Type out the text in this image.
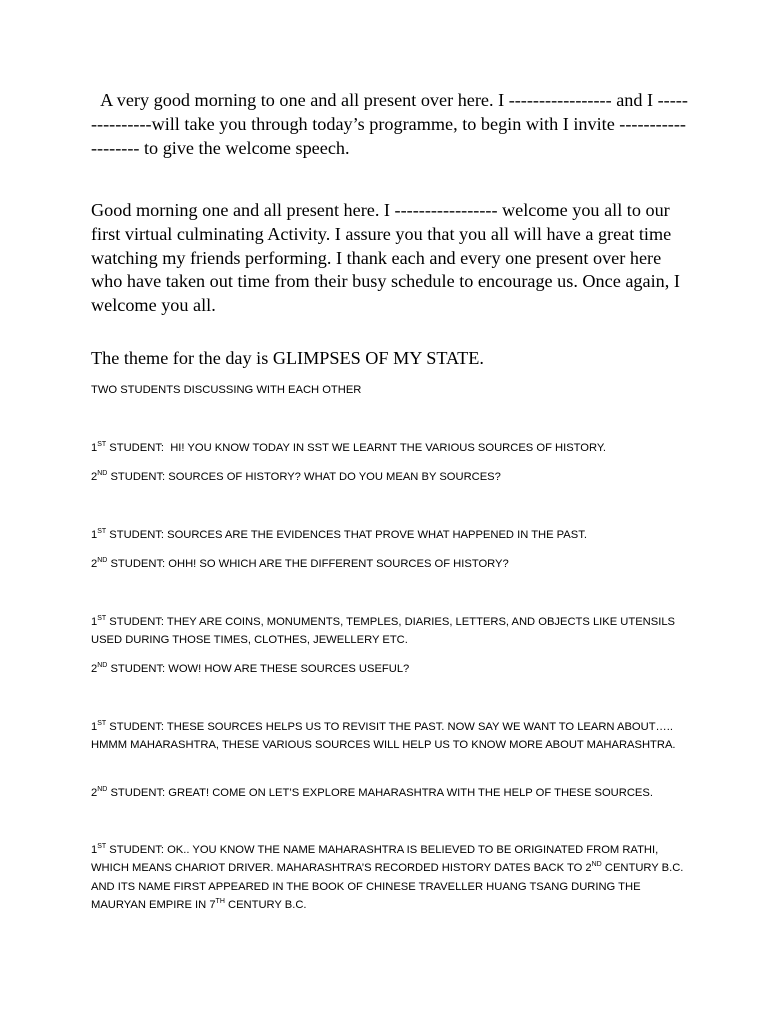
A very good morning to one and all present over here. I ----------------- and I ---------------will take you through today’s programme, to begin with I invite ------------------- to give the welcome speech.

Good morning one and all present here. I ----------------- welcome you all to our first virtual culminating Activity. I assure you that you all will have a great time watching my friends performing. I thank each and every one present over here who have taken out time from their busy schedule to encourage us. Once again, I welcome you all.

The theme for the day is GLIMPSES OF MY STATE.

TWO STUDENTS DISCUSSING WITH EACH OTHER

1ST STUDENT: HI! YOU KNOW TODAY IN SST WE LEARNT THE VARIOUS SOURCES OF HISTORY.

2ND STUDENT: SOURCES OF HISTORY? WHAT DO YOU MEAN BY SOURCES?

1ST STUDENT: SOURCES ARE THE EVIDENCES THAT PROVE WHAT HAPPENED IN THE PAST.

2ND STUDENT: OHH! SO WHICH ARE THE DIFFERENT SOURCES OF HISTORY?

1ST STUDENT: THEY ARE COINS, MONUMENTS, TEMPLES, DIARIES, LETTERS, AND OBJECTS LIKE UTENSILS USED DURING THOSE TIMES, CLOTHES, JEWELLERY ETC.

2ND STUDENT: WOW! HOW ARE THESE SOURCES USEFUL?

1ST STUDENT: THESE SOURCES HELPS US TO REVISIT THE PAST. NOW SAY WE WANT TO LEARN ABOUT….. HMMM MAHARASHTRA, THESE VARIOUS SOURCES WILL HELP US TO KNOW MORE ABOUT MAHARASHTRA.

2ND STUDENT: GREAT! COME ON LET’S EXPLORE MAHARASHTRA WITH THE HELP OF THESE SOURCES.

1ST STUDENT: OK.. YOU KNOW THE NAME MAHARASHTRA IS BELIEVED TO BE ORIGINATED FROM RATHI, WHICH MEANS CHARIOT DRIVER. MAHARASHTRA’S RECORDED HISTORY DATES BACK TO 2ND CENTURY B.C. AND ITS NAME FIRST APPEARED IN THE BOOK OF CHINESE TRAVELLER HUANG TSANG DURING THE MAURYAN EMPIRE IN 7TH CENTURY B.C.
